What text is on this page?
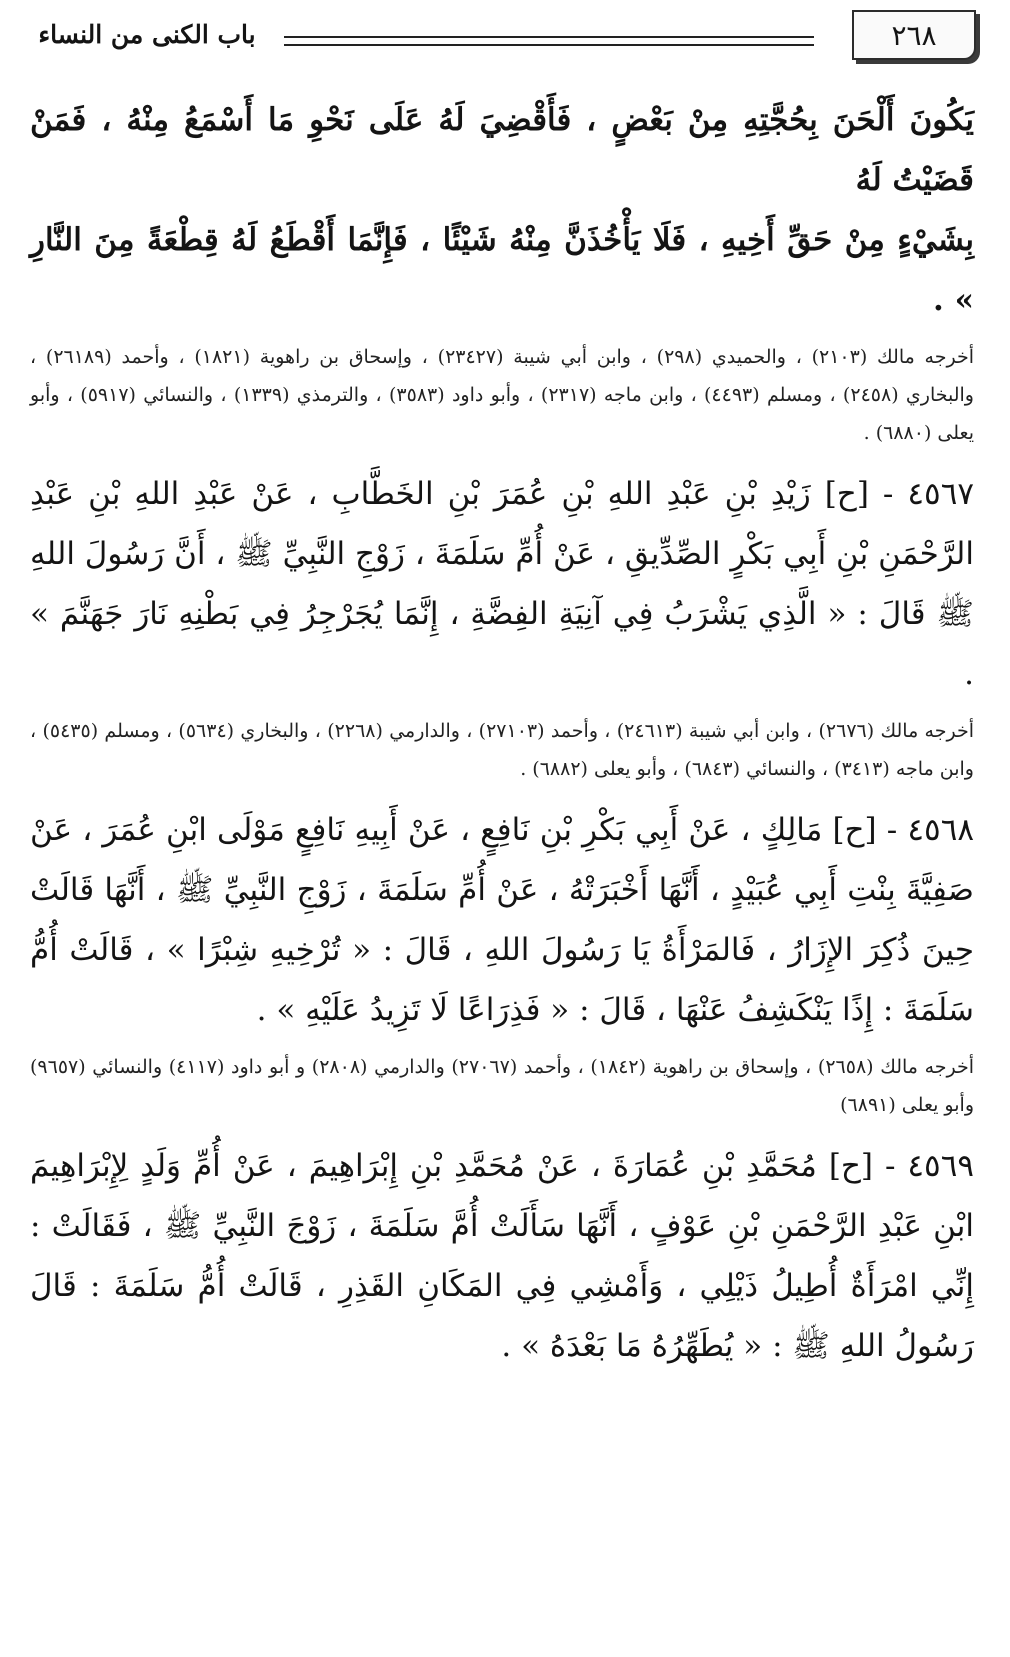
٢٦٨
باب الكنى من النساء

يَكُونَ أَلْحَنَ بِحُجَّتِهِ مِنْ بَعْضٍ ، فَأَقْضِيَ لَهُ عَلَى نَحْوِ مَا أَسْمَعُ مِنْهُ ، فَمَنْ قَضَيْتُ لَهُ

بِشَيْءٍ مِنْ حَقِّ أَخِيهِ ، فَلَا يَأْخُذَنَّ مِنْهُ شَيْئًا ، فَإِنَّمَا أَقْطَعُ لَهُ قِطْعَةً مِنَ النَّارِ » .

أخرجه مالك (٢١٠٣) ، والحميدي (٢٩٨) ، وابن أبي شيبة (٢٣٤٢٧) ، وإسحاق بن راهوية (١٨٢١) ، وأحمد (٢٦١٨٩) ، والبخاري (٢٤٥٨) ، ومسلم (٤٤٩٣) ، وابن ماجه (٢٣١٧) ، وأبو داود (٣٥٨٣) ، والترمذي (١٣٣٩) ، والنسائي (٥٩١٧) ، وأبو يعلى (٦٨٨٠) .

٤٥٦٧ - [ح] زَيْدِ بْنِ عَبْدِ اللهِ بْنِ عُمَرَ بْنِ الخَطَّابِ ، عَنْ عَبْدِ اللهِ بْنِ عَبْدِ الرَّحْمَنِ بْنِ أَبِي بَكْرٍ الصِّدِّيقِ ، عَنْ أُمِّ سَلَمَةَ ، زَوْجِ النَّبِيِّ ﷺ ، أَنَّ رَسُولَ اللهِ ﷺ قَالَ : « الَّذِي يَشْرَبُ فِي آنِيَةِ الفِضَّةِ ، إِنَّمَا يُجَرْجِرُ فِي بَطْنِهِ نَارَ جَهَنَّمَ » .

أخرجه مالك (٢٦٧٦) ، وابن أبي شيبة (٢٤٦١٣) ، وأحمد (٢٧١٠٣) ، والدارمي (٢٢٦٨) ، والبخاري (٥٦٣٤) ، ومسلم (٥٤٣٥) ، وابن ماجه (٣٤١٣) ، والنسائي (٦٨٤٣) ، وأبو يعلى (٦٨٨٢) .

٤٥٦٨ - [ح] مَالِكٍ ، عَنْ أَبِي بَكْرِ بْنِ نَافِعٍ ، عَنْ أَبِيهِ نَافِعٍ مَوْلَى ابْنِ عُمَرَ ، عَنْ صَفِيَّةَ بِنْتِ أَبِي عُبَيْدٍ ، أَنَّهَا أَخْبَرَتْهُ ، عَنْ أُمِّ سَلَمَةَ ، زَوْجِ النَّبِيِّ ﷺ ، أَنَّهَا قَالَتْ حِينَ ذُكِرَ الإِزَارُ ، فَالمَرْأَةُ يَا رَسُولَ اللهِ ، قَالَ : « تُرْخِيهِ شِبْرًا » ، قَالَتْ أُمُّ سَلَمَةَ : إِذًا يَنْكَشِفُ عَنْهَا ، قَالَ : « فَذِرَاعًا لَا تَزِيدُ عَلَيْهِ » .

أخرجه مالك (٢٦٥٨) ، وإسحاق بن راهوية (١٨٤٢) ، وأحمد (٢٧٠٦٧) والدارمي (٢٨٠٨) و أبو داود (٤١١٧) والنسائي (٩٦٥٧) وأبو يعلى (٦٨٩١)

٤٥٦٩ - [ح] مُحَمَّدِ بْنِ عُمَارَةَ ، عَنْ مُحَمَّدِ بْنِ إِبْرَاهِيمَ ، عَنْ أُمِّ وَلَدٍ لِإِبْرَاهِيمَ ابْنِ عَبْدِ الرَّحْمَنِ بْنِ عَوْفٍ ، أَنَّهَا سَأَلَتْ أُمَّ سَلَمَةَ ، زَوْجَ النَّبِيِّ ﷺ ، فَقَالَتْ : إِنِّي امْرَأَةٌ أُطِيلُ ذَيْلِي ، وَأَمْشِي فِي المَكَانِ القَذِرِ ، قَالَتْ أُمُّ سَلَمَةَ : قَالَ رَسُولُ اللهِ ﷺ : « يُطَهِّرُهُ مَا بَعْدَهُ » .
